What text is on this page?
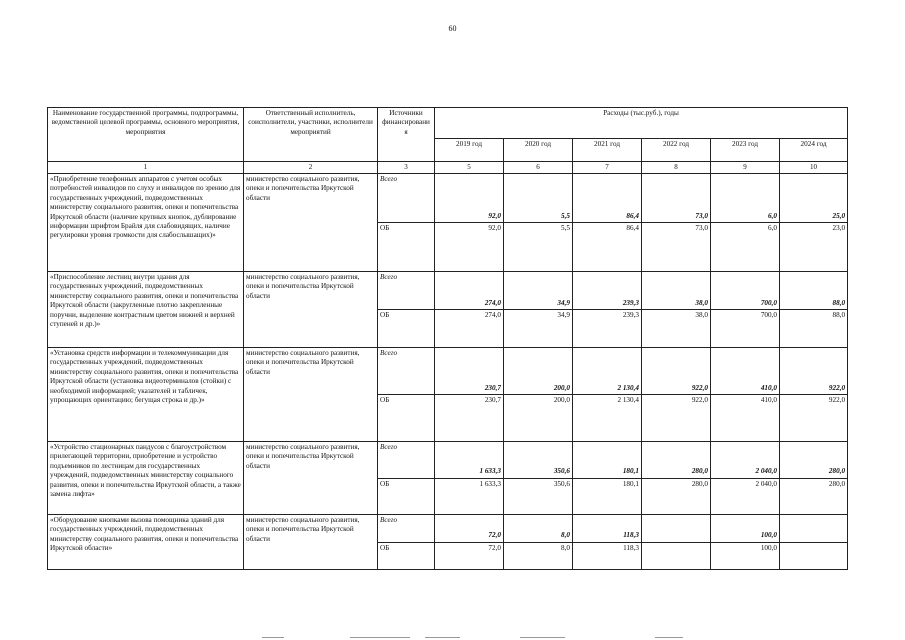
60
Наименование государственной программы, подпрограммы, ведомственной целевой программы, основного мероприятия, мероприятия	Ответственный исполнитель, соисполнители, участники, исполнители мероприятий	Источники финансировани я	Расходы (тыс.руб.), годы					
			2019 год	2020 год	2021 год	2022 год	2023 год	2024 год
1	2	3	5	6	7	8	9	10
«Приобретение телефонных аппаратов с учетом особых потребностей инвалидов по слуху и инвалидов по зрению для государственных учреждений, подведомственных министерству социального развития, опеки и попечительства Иркутской области (наличие крупных кнопок, дублирование информации шрифтом Брайля для слабовидящих, наличие регулировки уровня громкости для слабослышащих)»	министерство социального развития, опеки и попечительства Иркутской области	Всего	92,0	5,5	86,4	73,0	6,0	25,0
		ОБ	92,0	5,5	86,4	73,0	6,0	23,0
«Приспособление лестниц внутри здания для государственных учреждений, подведомственных министерству социального развития, опеки и попечительства Иркутской области (закругленные плотно закрепленные поручни, выделение контрастным цветом нижней и верхней ступеней и др.)»	министерство социального развития, опеки и попечительства Иркутской области	Всего	274,0	34,9	239,3	38,0	700,0	88,0
		ОБ	274,0	34,9	239,3	38,0	700,0	88,0
«Установка средств информации и телекоммуникации для государственных учреждений, подведомственных министерству социального развития, опеки и попечительства Иркутской области (установка видеотерминалов (стойки) с необходимой информацией; указателей и табличек, упрощающих ориентацию; бегущая строка и др.)»	министерство социального развития, опеки и попечительства Иркутской области	Всего	230,7	200,0	2 130,4	922,0	410,0	922,0
		ОБ	230,7	200,0	2 130,4	922,0	410,0	922,0
«Устройство стационарных пандусов с благоустройством прилегающей территории, приобретение и устройство подъемников по лестницам для государственных учреждений, подведомственных министерству социального развития, опеки и попечительства Иркутской области, а также замена лифта»	министерство социального развития, опеки и попечительства Иркутской области	Всего	1 633,3	350,6	180,1	280,0	2 040,0	280,0
		ОБ	1 633,3	350,6	180,1	280,0	2 040,0	280,0
«Оборудование кнопками вызова помощника зданий для государственных учреждений, подведомственных министерству социального развития, опеки и попечительства Иркутской области»	министерство социального развития, опеки и попечительства Иркутской области	Всего	72,0	8,0	118,3		100,0	
		ОБ	72,0	8,0	118,3		100,0	
